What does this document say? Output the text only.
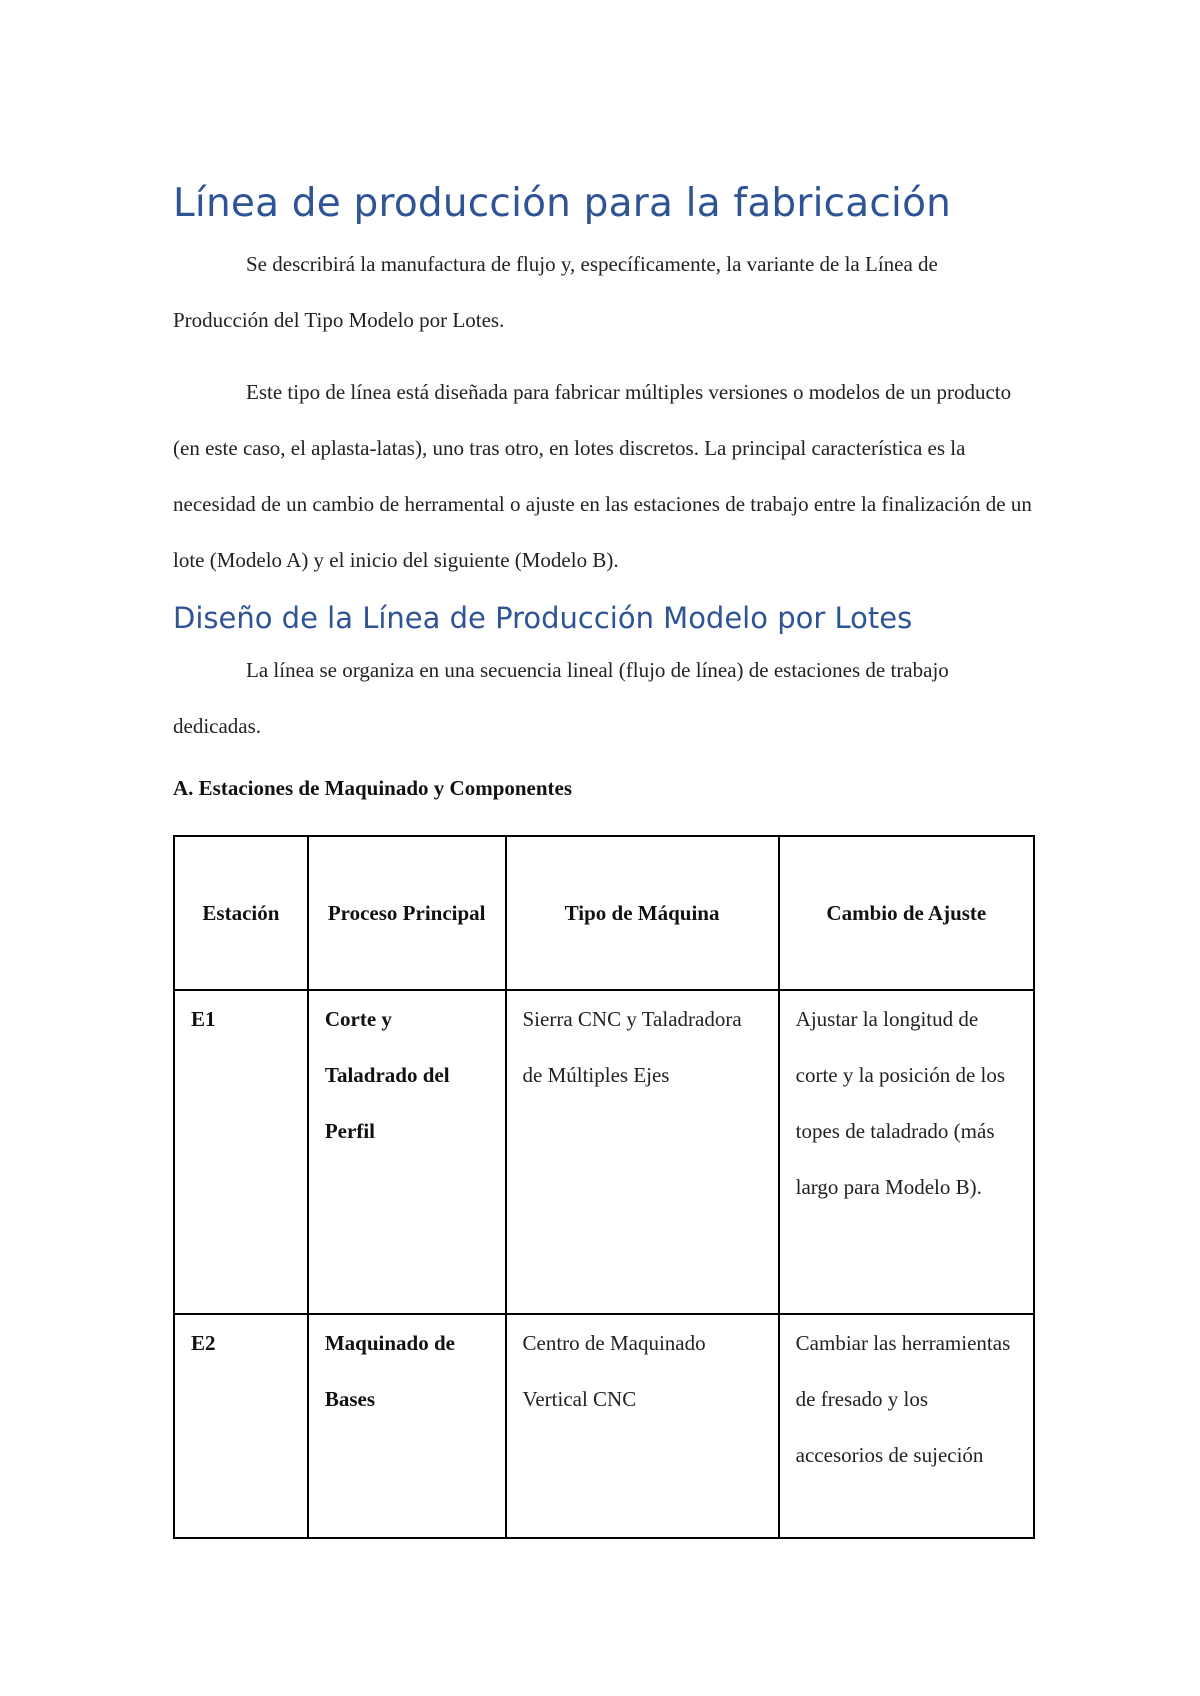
Línea de producción para la fabricación

Se describirá la manufactura de flujo y, específicamente, la variante de la Línea de Producción del Tipo Modelo por Lotes.

Este tipo de línea está diseñada para fabricar múltiples versiones o modelos de un producto (en este caso, el aplasta-latas), uno tras otro, en lotes discretos. La principal característica es la necesidad de un cambio de herramental o ajuste en las estaciones de trabajo entre la finalización de un lote (Modelo A) y el inicio del siguiente (Modelo B).

Diseño de la Línea de Producción Modelo por Lotes

La línea se organiza en una secuencia lineal (flujo de línea) de estaciones de trabajo dedicadas.

A. Estaciones de Maquinado y Componentes

Estación	Proceso Principal	Tipo de Máquina	Cambio de Ajuste
E1	Corte y Taladrado del Perfil	Sierra CNC y Taladradora de Múltiples Ejes	Ajustar la longitud de corte y la posición de los topes de taladrado (más largo para Modelo B).
E2	Maquinado de Bases	Centro de Maquinado Vertical CNC	Cambiar las herramientas de fresado y los accesorios de sujeción
